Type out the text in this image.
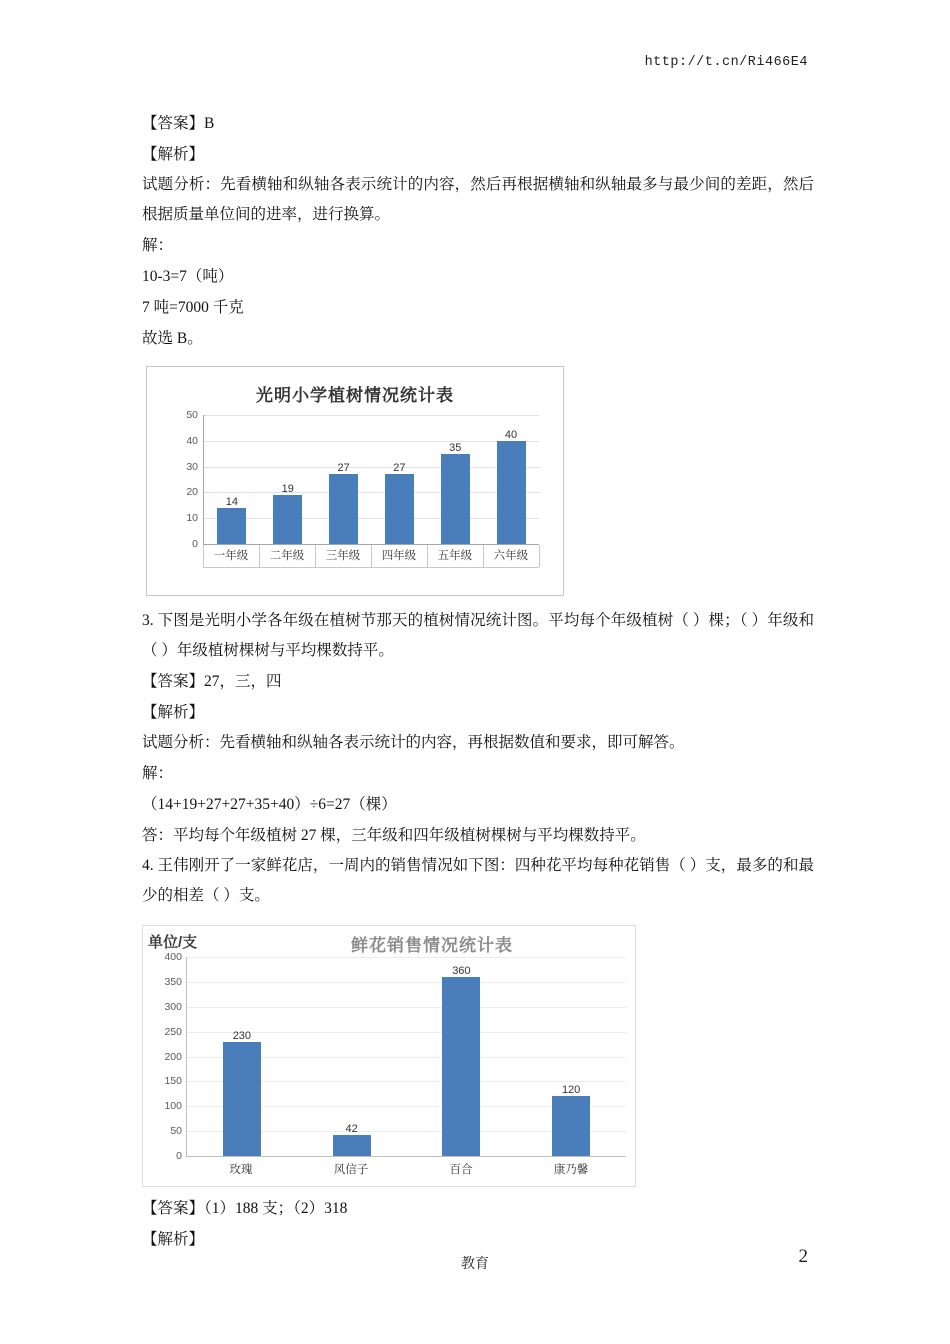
http://t.cn/Ri466E4
【答案】B
【解析】
试题分析：先看横轴和纵轴各表示统计的内容，然后再根据横轴和纵轴最多与最少间的差距，然后根据质量单位间的进率，进行换算。
解：
10-3=7（吨）
7 吨=7000 千克
故选 B。
光明小学植树情况统计表
50
40
30
20
10
0
14
19
27	27
35
40
一年级	二年级	三年级	四年级	五年级	六年级
3. 下图是光明小学各年级在植树节那天的植树情况统计图。平均每个年级植树（ ）棵；（ ）年级和（ ）年级植树棵树与平均棵数持平。
【答案】27，三，四
【解析】
试题分析：先看横轴和纵轴各表示统计的内容，再根据数值和要求，即可解答。
解：
（14+19+27+27+35+40）÷6=27（棵）
答：平均每个年级植树 27 棵，三年级和四年级植树棵树与平均棵数持平。
4. 王伟刚开了一家鲜花店，一周内的销售情况如下图：四种花平均每种花销售（ ）支，最多的和最少的相差（ ）支。
单位/支	鲜花销售情况统计表
400
350
300
250
200
150
100
50
0
230
42
360
120
玫瑰	风信子	百合	康乃馨
【答案】（1）188 支；（2）318
【解析】
教育	2
